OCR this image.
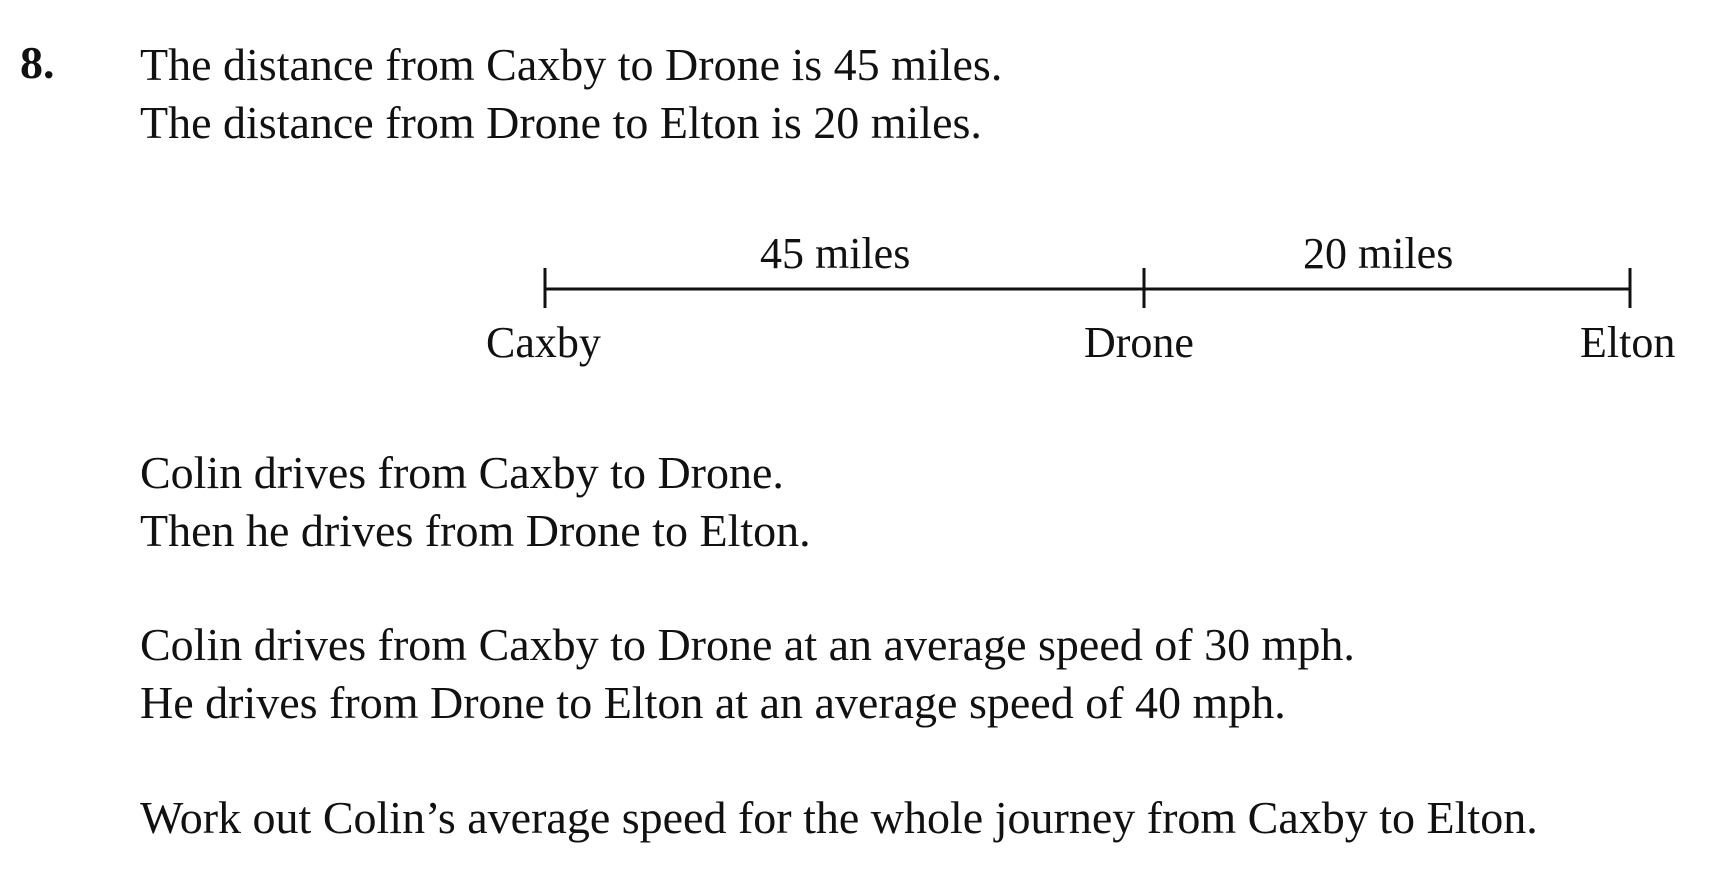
8. The distance from Caxby to Drone is 45 miles.
The distance from Drone to Elton is 20 miles.
45 miles	20 miles
Caxby	Drone	Elton
Colin drives from Caxby to Drone.
Then he drives from Drone to Elton.
Colin drives from Caxby to Drone at an average speed of 30 mph.
He drives from Drone to Elton at an average speed of 40 mph.
Work out Colin’s average speed for the whole journey from Caxby to Elton.
